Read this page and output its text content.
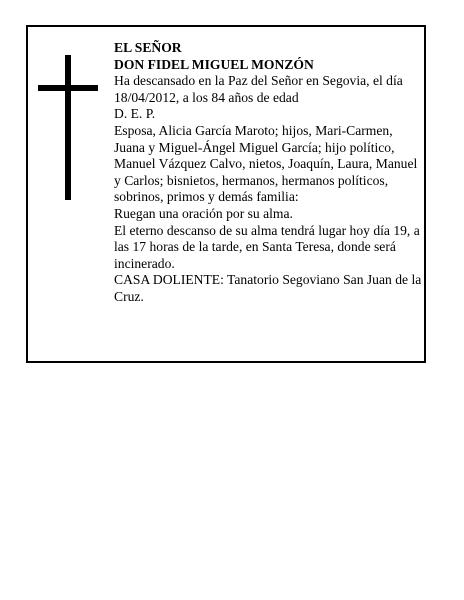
EL SEÑOR

DON FIDEL MIGUEL MONZÓN

Ha descansado en la Paz del Señor en Segovia, el día 18/04/2012, a los 84 años de edad

D. E. P.

Esposa, Alicia García Maroto; hijos, Mari-Carmen, Juana y Miguel-Ángel Miguel García; hijo político, Manuel Vázquez Calvo, nietos, Joaquín, Laura, Manuel y Carlos; bisnietos, hermanos, hermanos políticos, sobrinos, primos y demás familia:

Ruegan una oración por su alma.

El eterno descanso de su alma tendrá lugar hoy día 19, a las 17 horas de la tarde, en Santa Teresa, donde será incinerado.

CASA DOLIENTE: Tanatorio Segoviano San Juan de la Cruz.
